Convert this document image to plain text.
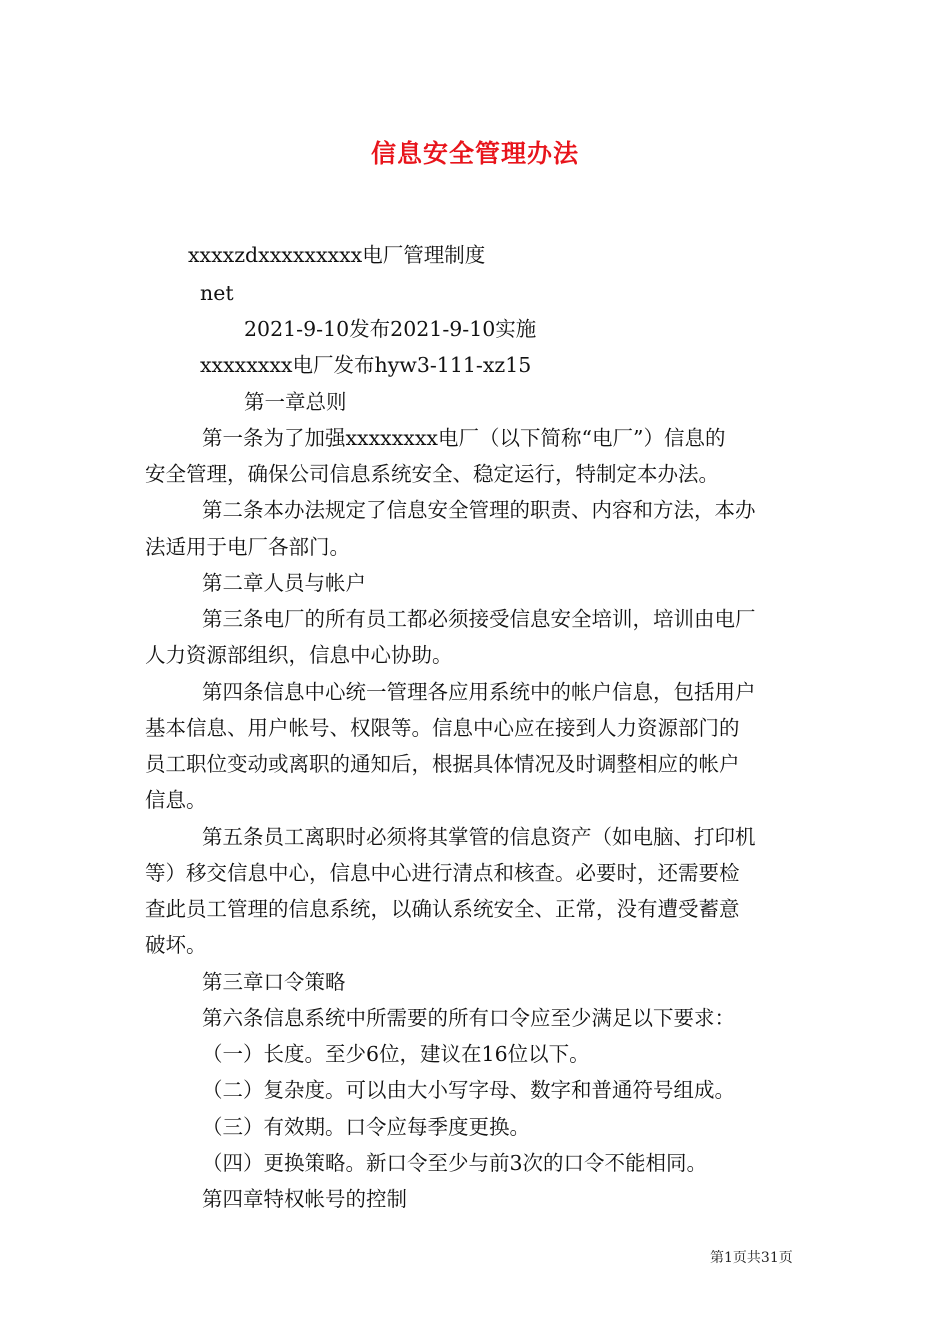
信息安全管理办法
xxxxzdxxxxxxxxx电厂管理制度
net
2021-9-10发布2021-9-10实施
xxxxxxxx电厂发布hyw3-111-xz15
第一章总则
第一条为了加强xxxxxxxx电厂（以下简称“电厂”）信息的
安全管理，确保公司信息系统安全、稳定运行，特制定本办法。
第二条本办法规定了信息安全管理的职责、内容和方法，本办
法适用于电厂各部门。
第二章人员与帐户
第三条电厂的所有员工都必须接受信息安全培训，培训由电厂
人力资源部组织，信息中心协助。
第四条信息中心统一管理各应用系统中的帐户信息，包括用户
基本信息、用户帐号、权限等。信息中心应在接到人力资源部门的
员工职位变动或离职的通知后，根据具体情况及时调整相应的帐户
信息。
第五条员工离职时必须将其掌管的信息资产（如电脑、打印机
等）移交信息中心，信息中心进行清点和核查。必要时，还需要检
查此员工管理的信息系统，以确认系统安全、正常，没有遭受蓄意
破坏。
第三章口令策略
第六条信息系统中所需要的所有口令应至少满足以下要求：
（一）长度。至少6位，建议在16位以下。
（二）复杂度。可以由大小写字母、数字和普通符号组成。
（三）有效期。口令应每季度更换。
（四）更换策略。新口令至少与前3次的口令不能相同。
第四章特权帐号的控制
第1页共31页
